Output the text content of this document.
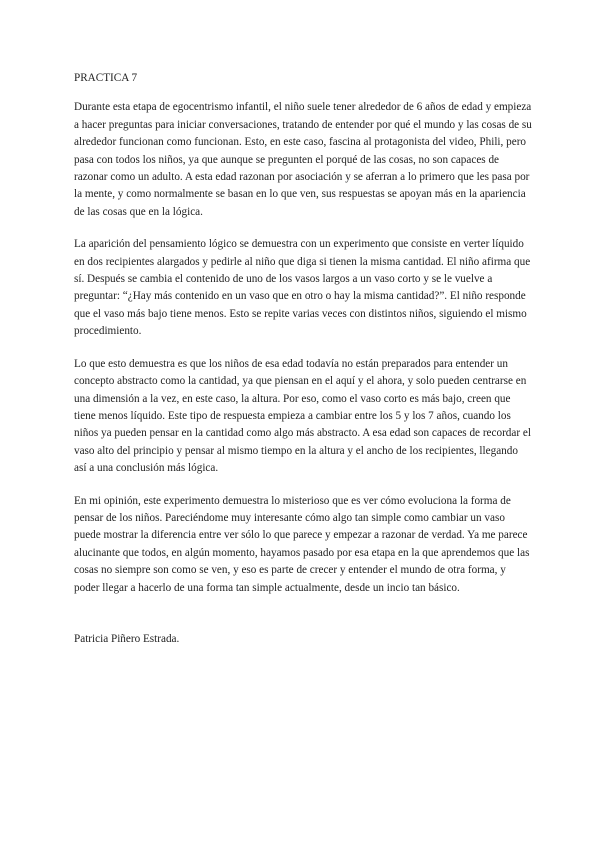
PRACTICA 7

Durante esta etapa de egocentrismo infantil, el niño suele tener alrededor de 6 años de edad y empieza a hacer preguntas para iniciar conversaciones, tratando de entender por qué el mundo y las cosas de su alrededor funcionan como funcionan. Esto, en este caso, fascina al protagonista del video, Phili, pero pasa con todos los niños, ya que aunque se pregunten el porqué de las cosas, no son capaces de razonar como un adulto. A esta edad razonan por asociación y se aferran a lo primero que les pasa por la mente, y como normalmente se basan en lo que ven, sus respuestas se apoyan más en la apariencia de las cosas que en la lógica.

La aparición del pensamiento lógico se demuestra con un experimento que consiste en verter líquido en dos recipientes alargados y pedirle al niño que diga si tienen la misma cantidad. El niño afirma que sí. Después se cambia el contenido de uno de los vasos largos a un vaso corto y se le vuelve a preguntar: “¿Hay más contenido en un vaso que en otro o hay la misma cantidad?”. El niño responde que el vaso más bajo tiene menos. Esto se repite varias veces con distintos niños, siguiendo el mismo procedimiento.

Lo que esto demuestra es que los niños de esa edad todavía no están preparados para entender un concepto abstracto como la cantidad, ya que piensan en el aquí y el ahora, y solo pueden centrarse en una dimensión a la vez, en este caso, la altura. Por eso, como el vaso corto es más bajo, creen que tiene menos líquido. Este tipo de respuesta empieza a cambiar entre los 5 y los 7 años, cuando los niños ya pueden pensar en la cantidad como algo más abstracto. A esa edad son capaces de recordar el vaso alto del principio y pensar al mismo tiempo en la altura y el ancho de los recipientes, llegando así a una conclusión más lógica.

En mi opinión, este experimento demuestra lo misterioso que es ver cómo evoluciona la forma de pensar de los niños. Pareciéndome muy interesante cómo algo tan simple como cambiar un vaso puede mostrar la diferencia entre ver sólo lo que parece y empezar a razonar de verdad. Ya me parece alucinante que todos, en algún momento, hayamos pasado por esa etapa en la que aprendemos que las cosas no siempre son como se ven, y eso es parte de crecer y entender el mundo de otra forma, y poder llegar a hacerlo de una forma tan simple actualmente, desde un incio tan básico.

Patricia Piñero Estrada.
